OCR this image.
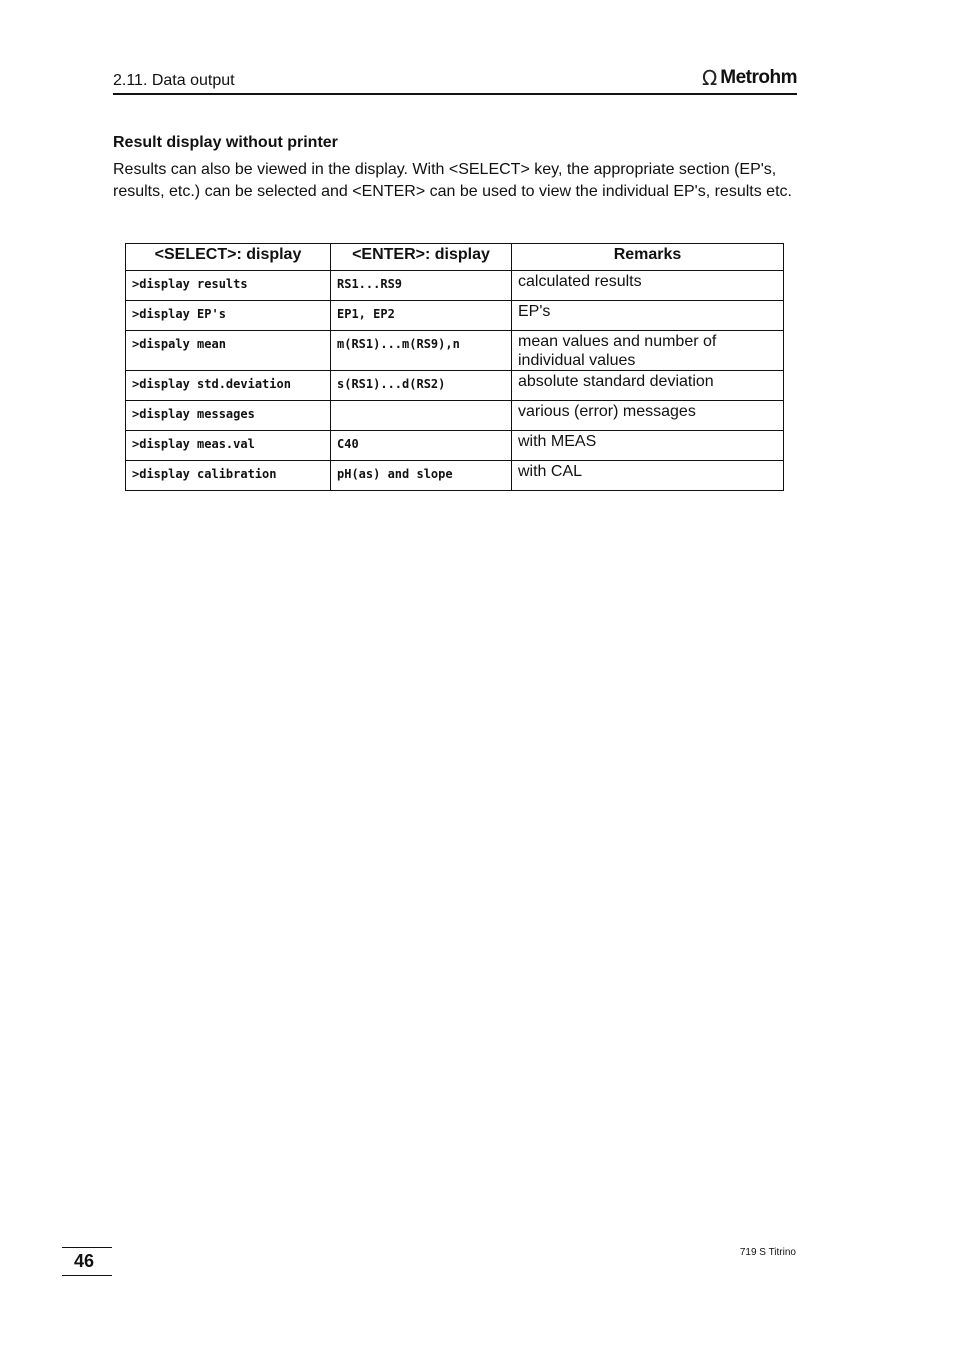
2.11. Data output	Ω Metrohm
Result display without printer

Results can also be viewed in the display. With <SELECT> key, the appropriate section (EP's, results, etc.) can be selected and <ENTER> can be used to view the individual EP's, results etc.

<SELECT>: display	<ENTER>: display	Remarks
>display results	RS1...RS9	calculated results
>display EP's	EP1, EP2	EP's
>dispaly mean	m(RS1)...m(RS9),n	mean values and number of individual values
>display std.deviation	s(RS1)...d(RS2)	absolute standard deviation
>display messages		various (error) messages
>display meas.val	C40	with MEAS
>display calibration	pH(as) and slope	with CAL
46	719 S Titrino
